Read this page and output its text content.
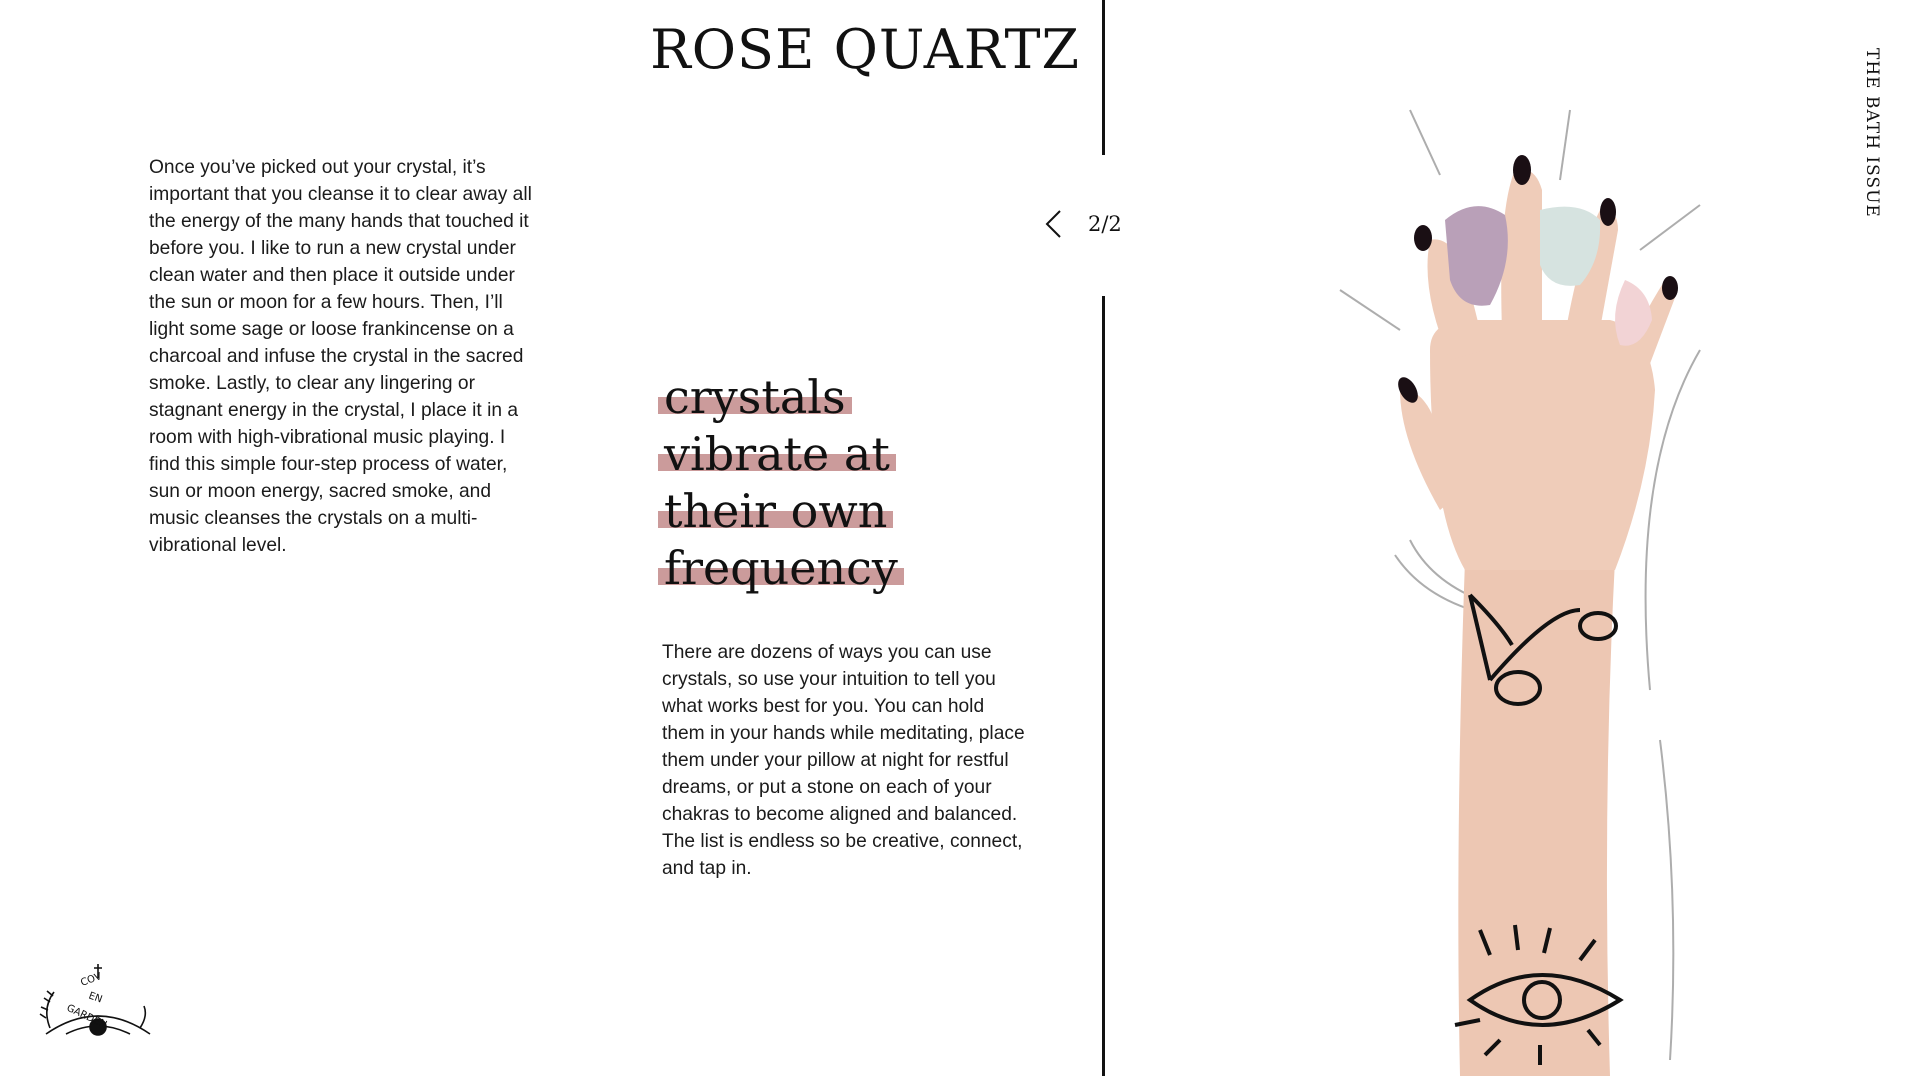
ROSE QUARTZ
2/2
Once you’ve picked out your crystal, it’s important that you cleanse it to clear away all the energy of the many hands that touched it before you. I like to run a new crystal under clean water and then place it outside under the sun or moon for a few hours. Then, I’ll light some sage or loose frankincense on a charcoal and infuse the crystal in the sacred smoke. Lastly, to clear any lingering or stagnant energy in the crystal, I place it in a room with high-vibrational music playing. I find this simple four-step process of water, sun or moon energy, sacred smoke, and music cleanses the crystals on a multi-vibrational level.
crystals
vibrate at
their own
frequency
There are dozens of ways you can use crystals, so use your intuition to tell you what works best for you. You can hold them in your hands while meditating, place them under your pillow at night for restful dreams, or put a stone on each of your chakras to become aligned and balanced. The list is endless so be creative, connect, and tap in.
THE BATH ISSUE
COV
EN
GARDEN
